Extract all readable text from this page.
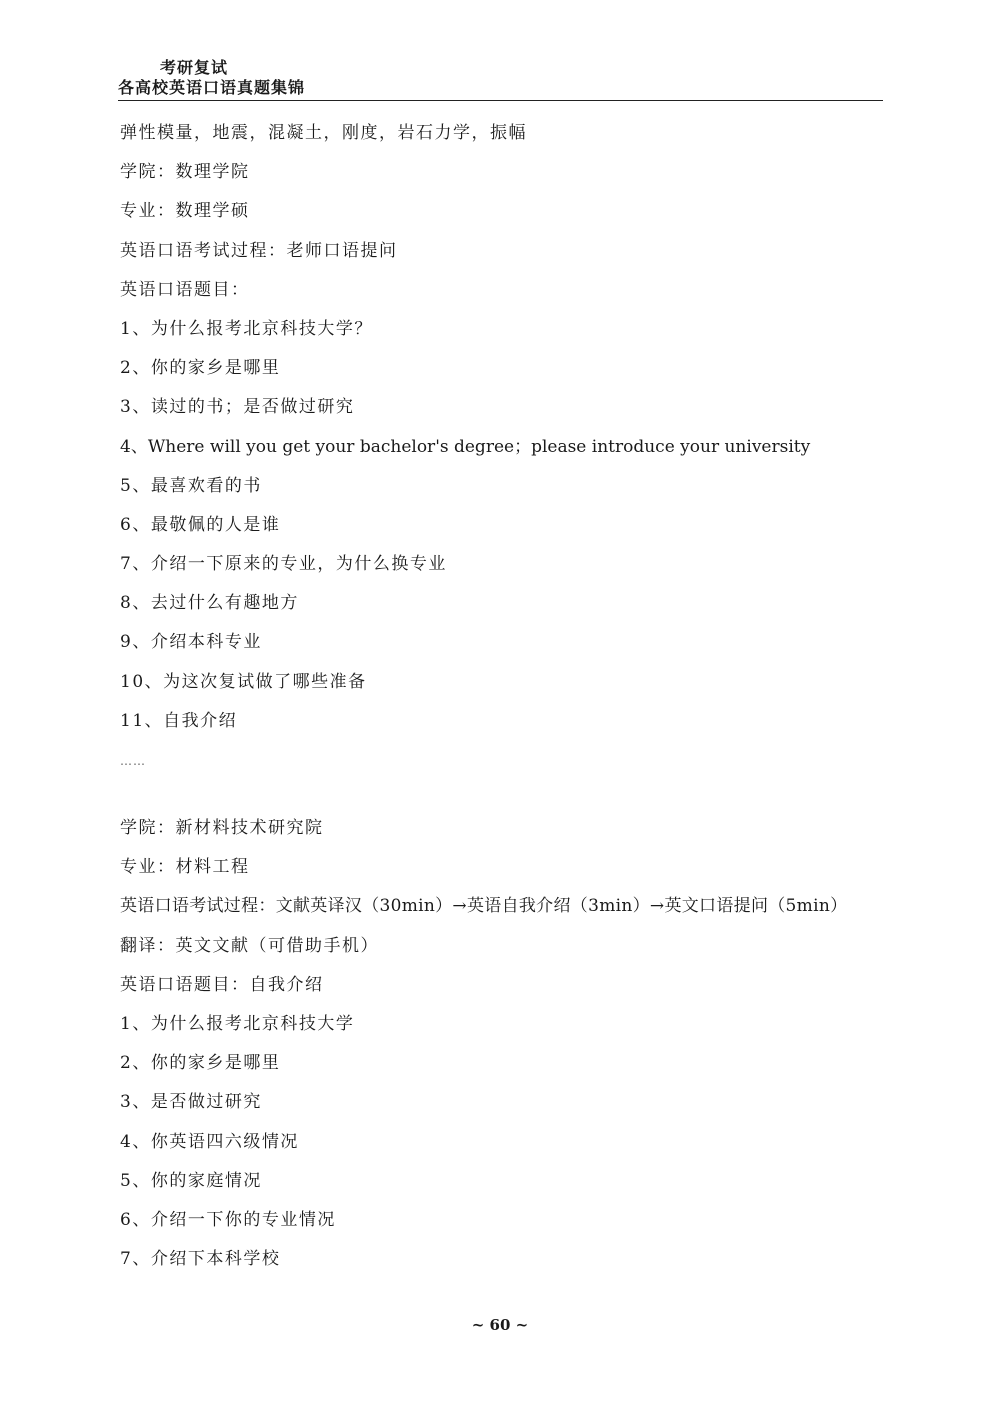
考研复试
各高校英语口语真题集锦
弹性模量，地震，混凝土，刚度，岩石力学，振幅
学院：数理学院
专业：数理学硕
英语口语考试过程：老师口语提问
英语口语题目：
1、为什么报考北京科技大学？
2、你的家乡是哪里
3、读过的书；是否做过研究
4、Where will you get your bachelor's degree；please introduce your university
5、最喜欢看的书
6、最敬佩的人是谁
7、介绍一下原来的专业，为什么换专业
8、去过什么有趣地方
9、介绍本科专业
10、为这次复试做了哪些准备
11、自我介绍
……
学院：新材料技术研究院
专业：材料工程
英语口语考试过程：文献英译汉（30min）→英语自我介绍（3min）→英文口语提问（5min）
翻译：英文文献（可借助手机）
英语口语题目：自我介绍
1、为什么报考北京科技大学
2、你的家乡是哪里
3、是否做过研究
4、你英语四六级情况
5、你的家庭情况
6、介绍一下你的专业情况
7、介绍下本科学校
~ 60 ~
